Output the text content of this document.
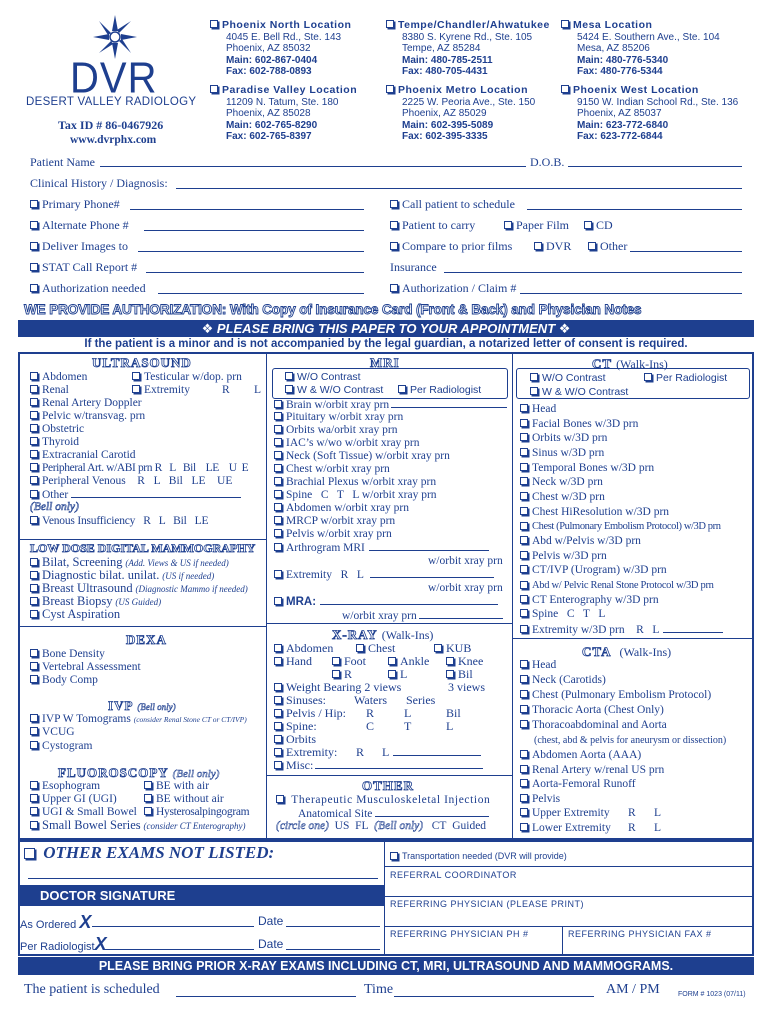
DVR
DESERT VALLEY RADIOLOGY
Tax ID # 86-0467926
www.dvrphx.com
Phoenix North Location
4045 E. Bell Rd., Ste. 143
Phoenix, AZ 85032
Main: 602-867-0404
Fax: 602-788-0893
Tempe/Chandler/Ahwatukee
8380 S. Kyrene Rd., Ste. 105
Tempe, AZ 85284
Main: 480-785-2511
Fax: 480-705-4431
Mesa Location
5424 E. Southern Ave., Ste. 104
Mesa, AZ 85206
Main: 480-776-5340
Fax: 480-776-5344
Paradise Valley Location
11209 N. Tatum, Ste. 180
Phoenix, AZ 85028
Main: 602-765-8290
Fax: 602-765-8397
Phoenix Metro Location
2225 W. Peoria Ave., Ste. 150
Phoenix, AZ 85029
Main: 602-395-5089
Fax: 602-395-3335
Phoenix West Location
9150 W. Indian School Rd., Ste. 136
Phoenix, AZ 85037
Main: 623-772-6840
Fax: 623-772-6844
Patient Name	D.O.B.
Clinical History / Diagnosis:
Primary Phone#	Call patient to schedule
Alternate Phone #	Patient to carry	Paper Film	CD
Deliver Images to	Compare to prior films	DVR	Other
STAT Call Report #	Insurance
Authorization needed	Authorization / Claim #
WE PROVIDE AUTHORIZATION: With Copy of Insurance Card (Front & Back) and Physician Notes
❖ PLEASE BRING THIS PAPER TO YOUR APPOINTMENT ❖
If the patient is a minor and is not accompanied by the legal guardian, a notarized letter of consent is required.
ULTRASOUND
Abdomen	Testicular w/dop. prn
Renal	Extremity	R L
Renal Artery Doppler
Pelvic w/transvag. prn
Obstetric
Thyroid
Extracranial Carotid
Peripheral Art. w/ABI prn R   L   Bil    LE    U  E
Peripheral Venous    R   L   Bil   LE    UE
Other
(Bell only)
Venous Insufficiency   R   L   Bil   LE
LOW DOSE DIGITAL MAMMOGRAPHY
Bilat, Screening (Add. Views & US if needed)
Diagnostic bilat. unilat. (US if needed)
Breast Ultrasound (Diagnostic Mammo if needed)
Breast Biopsy (US Guided)
Cyst Aspiration
DEXA
Bone Density
Vertebral Assessment
Body Comp
IVP (Bell only)
IVP W Tomograms (consider Renal Stone CT or CT/IVP)
VCUG
Cystogram
FLUOROSCOPY (Bell only)
Esophogram	BE with air
Upper GI (UGI)	BE without air
UGI & Small Bowel	Hysterosalpingogram
Small Bowel Series (consider CT Enterography)
MRI
W/O Contrast
W & W/O Contrast	Per Radiologist
Brain w/orbit xray prn
Pituitary w/orbit xray prn
Orbits wa/orbit xray prn
IAC’s w/wo w/orbit xray prn
Neck (Soft Tissue) w/orbit xray prn
Chest w/orbit xray prn
Brachial Plexus w/orbit xray prn
Spine   C   T   L w/orbit xray prn
Abdomen w/orbit xray prn
MRCP w/orbit xray prn
Pelvis w/orbit xray prn
Arthrogram MRI
w/orbit xray prn
Extremity   R   L
w/orbit xray prn
MRA:
w/orbit xray prn
X-RAY (Walk-Ins)
Abdomen	Chest	KUB
Hand	Foot	Ankle	Knee
R	L	Bil
Weight Bearing 2 views	3 views
Sinuses: Waters Series
Pelvis / Hip: R L	Bil
Spine:	C T	L
Orbits
Extremity: R L
Misc:
OTHER
Therapeutic Musculoskeletal Injection
Anatomical Site
(circle one) US FL (Bell only) CT Guided
CT (Walk-Ins)
W/O Contrast	Per Radiologist
W & W/O Contrast
Head
Facial Bones w/3D prn
Orbits w/3D prn
Sinus w/3D prn
Temporal Bones w/3D prn
Neck w/3D prn
Chest w/3D prn
Chest HiResolution w/3D prn
Chest (Pulmonary Embolism Protocol) w/3D prn
Abd w/Pelvis w/3D prn
Pelvis w/3D prn
CT/IVP (Urogram) w/3D prn
Abd w/ Pelvic Renal Stone Protocol w/3D prn
CT Enterography w/3D prn
Spine   C   T   L
Extremity w/3D prn    R   L
CTA (Walk-Ins)
Head
Neck (Carotids)
Chest (Pulmonary Embolism Protocol)
Thoracic Aorta (Chest Only)
Thoracoabdominal and Aorta
(chest, abd & pelvis for aneurysm or dissection)
Abdomen Aorta (AAA)
Renal Artery w/renal US prn
Aorta-Femoral Runoff
Pelvis
Upper Extremity R L
Lower Extremity R L
OTHER EXAMS NOT LISTED:
DOCTOR SIGNATURE
As Ordered X	Date
Per RadiologistX	Date
Transportation needed (DVR will provide)
REFERRAL COORDINATOR
REFERRING PHYSICIAN (PLEASE PRINT)
REFERRING PHYSICIAN PH #	REFERRING PHYSICIAN FAX #
PLEASE BRING PRIOR X-RAY EXAMS INCLUDING CT, MRI, ULTRASOUND AND MAMMOGRAMS.
The patient is scheduled	Time	AM / PM	FORM # 1023 (07/11)
